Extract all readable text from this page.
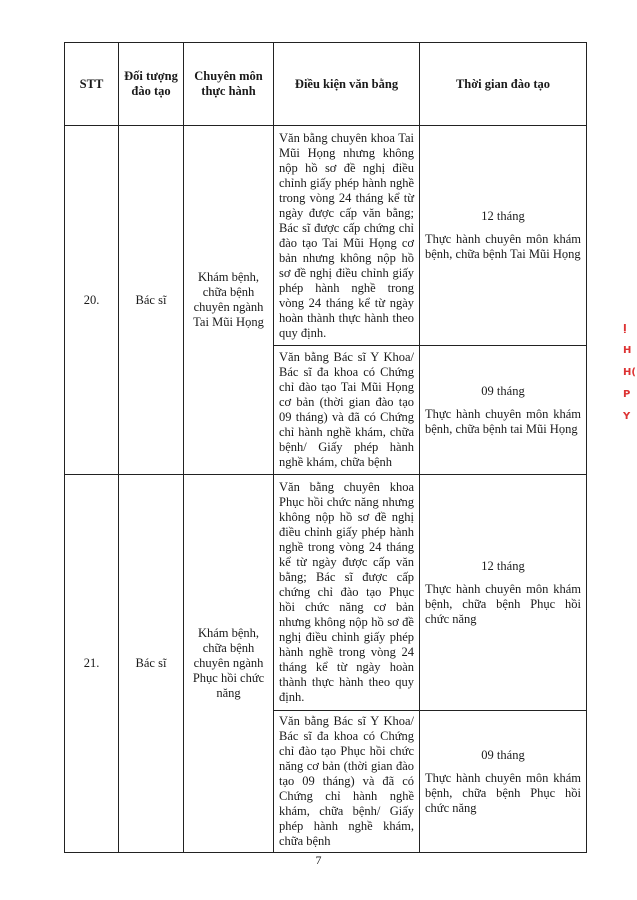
STT	Đối tượng đào tạo	Chuyên môn thực hành	Điều kiện văn bằng	Thời gian đào tạo
20.	Bác sĩ	Khám bệnh, chữa bệnh chuyên ngành Tai Mũi Họng	Văn bằng chuyên khoa Tai Mũi Họng nhưng không nộp hồ sơ đề nghị điều chỉnh giấy phép hành nghề trong vòng 24 tháng kể từ ngày được cấp văn bằng; Bác sĩ được cấp chứng chỉ đào tạo Tai Mũi Họng cơ bản nhưng không nộp hồ sơ đề nghị điều chỉnh giấy phép hành nghề trong vòng 24 tháng kể từ ngày hoàn thành thực hành theo quy định.	12 tháng
Thực hành chuyên môn khám bệnh, chữa bệnh Tai Mũi Họng

			Văn bằng Bác sĩ Y Khoa/ Bác sĩ đa khoa có Chứng chỉ đào tạo Tai Mũi Họng cơ bản (thời gian đào tạo 09 tháng) và đã có Chứng chỉ hành nghề khám, chữa bệnh/ Giấy phép hành nghề khám, chữa bệnh	09 tháng
Thực hành chuyên môn khám bệnh, chữa bệnh tai Mũi Họng

21.	Bác sĩ	Khám bệnh, chữa bệnh chuyên ngành Phục hồi chức năng	Văn bằng chuyên khoa Phục hồi chức năng nhưng không nộp hồ sơ đề nghị điều chỉnh giấy phép hành nghề trong vòng 24 tháng kể từ ngày được cấp văn bằng; Bác sĩ được cấp chứng chỉ đào tạo Phục hồi chức năng cơ bản nhưng không nộp hồ sơ đề nghị điều chỉnh giấy phép hành nghề trong vòng 24 tháng kể từ ngày hoàn thành thực hành theo quy định.	12 tháng
Thực hành chuyên môn khám bệnh, chữa bệnh Phục hồi chức năng

			Văn bằng Bác sĩ Y Khoa/ Bác sĩ đa khoa có Chứng chỉ đào tạo Phục hồi chức năng cơ bản (thời gian đào tạo 09 tháng) và đã có Chứng chỉ hành nghề khám, chữa bệnh/ Giấy phép hành nghề khám, chữa bệnh	09 tháng
Thực hành chuyên môn khám bệnh, chữa bệnh Phục hồi chức năng
7
Ị
H
H(
P
Y
